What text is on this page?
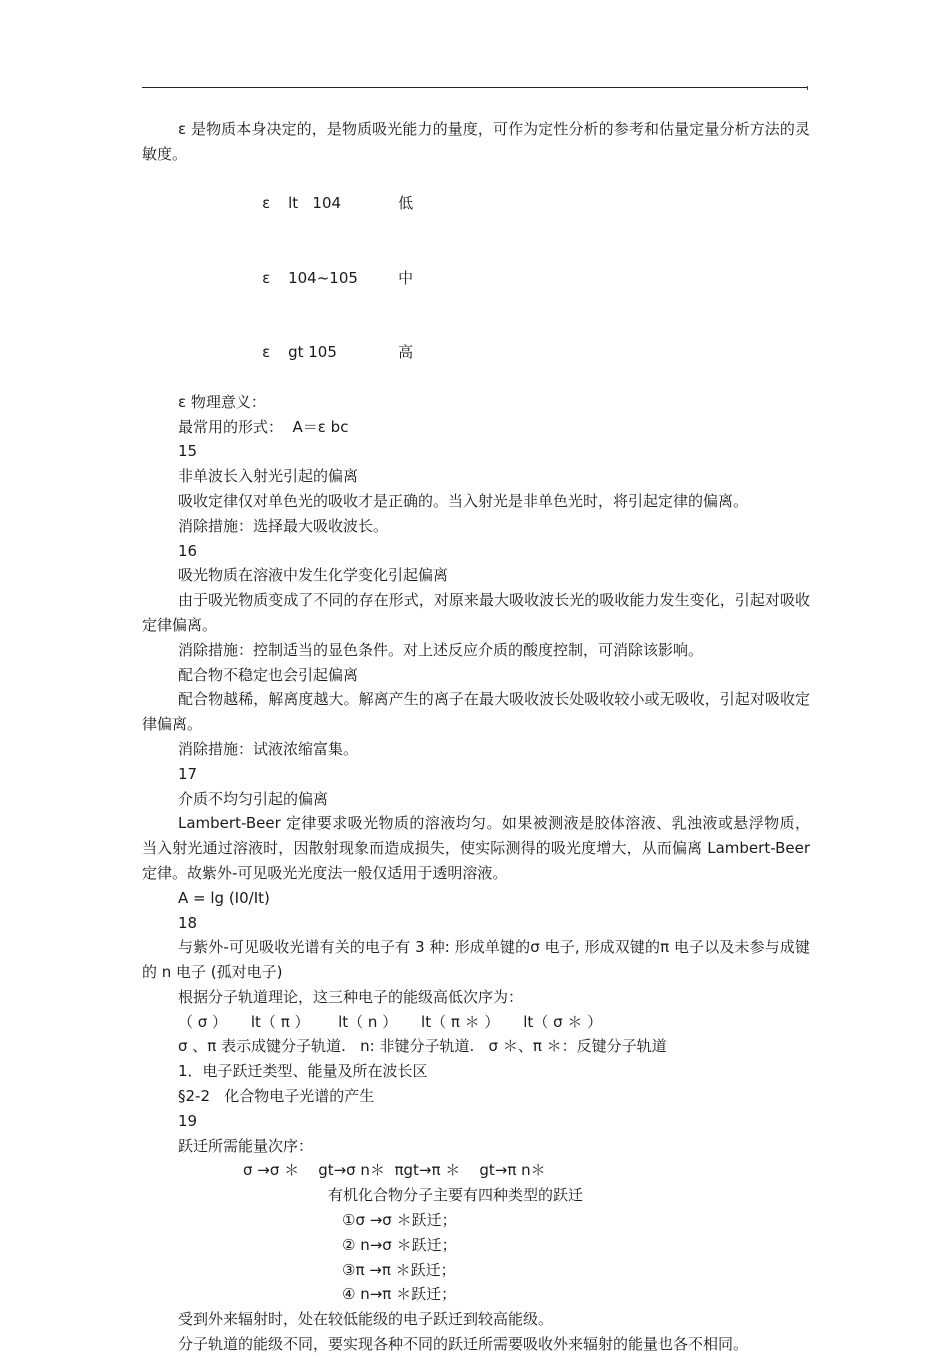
ε 是物质本身决定的，是物质吸光能力的量度，可作为定性分析的参考和估量定量分析方法的灵敏度。

ε lt   104	低

ε 104~105	中

ε gt 105	高

ε 物理意义：

最常用的形式：  A＝ε bc

15

非单波长入射光引起的偏离

吸收定律仅对单色光的吸收才是正确的。当入射光是非单色光时，将引起定律的偏离。

消除措施：选择最大吸收波长。

16

吸光物质在溶液中发生化学变化引起偏离

由于吸光物质变成了不同的存在形式，对原来最大吸收波长光的吸收能力发生变化，引起对吸收定律偏离。

消除措施：控制适当的显色条件。对上述反应介质的酸度控制，可消除该影响。

配合物不稳定也会引起偏离

配合物越稀，解离度越大。解离产生的离子在最大吸收波长处吸收较小或无吸收，引起对吸收定律偏离。

消除措施：试液浓缩富集。

17

介质不均匀引起的偏离

Lambert-Beer 定律要求吸光物质的溶液均匀。如果被测液是胶体溶液、乳浊液或悬浮物质，当入射光通过溶液时，因散射现象而造成损失，使实际测得的吸光度增大，从而偏离 Lambert-Beer 定律。故紫外-可见吸光光度法一般仅适用于透明溶液。

A = lg (I0/It)

18

与紫外-可见吸收光谱有关的电子有 3 种: 形成单键的σ 电子, 形成双键的π 电子以及未参与成键的 n 电子 (孤对电子)

根据分子轨道理论，这三种电子的能级高低次序为：

（ σ ）     lt（ π ）      lt（ n ）     lt（ π ＊ ）     lt（ σ ＊ ）

σ 、π 表示成键分子轨道.   n: 非键分子轨道.   σ ＊、π ＊：反键分子轨道

1．电子跃迁类型、能量及所在波长区

§2-2   化合物电子光谱的产生

19

跃迁所需能量次序：

σ →σ ＊    gt→σ n＊  πgt→π ＊    gt→π n＊

有机化合物分子主要有四种类型的跃迁

①σ →σ ＊跃迁；

② n→σ ＊跃迁；

③π →π ＊跃迁；

④ n→π ＊跃迁；

受到外来辐射时，处在较低能级的电子跃迁到较高能级。

分子轨道的能级不同，要实现各种不同的跃迁所需要吸收外来辐射的能量也各不相同。
